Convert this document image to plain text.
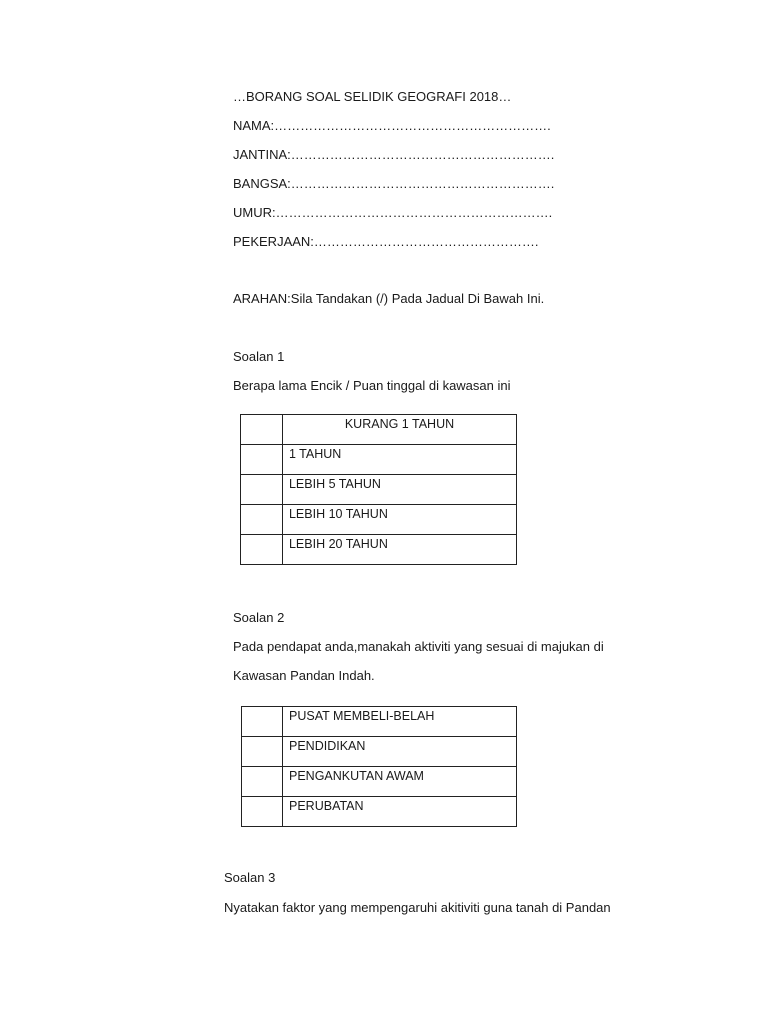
…BORANG SOAL SELIDIK GEOGRAFI 2018…
NAMA:……………………………………………………….
JANTINA:…………………………………………………….
BANGSA:…………………………………………………….
UMUR:……………………………………………………….
PEKERJAAN:…………………………………………….
ARAHAN:Sila Tandakan (/) Pada Jadual Di Bawah Ini.
Soalan 1
Berapa lama Encik / Puan tinggal di kawasan ini
	KURANG 1 TAHUN
	1 TAHUN
	LEBIH 5 TAHUN
	LEBIH 10 TAHUN
	LEBIH 20 TAHUN
Soalan 2
Pada pendapat anda,manakah aktiviti yang sesuai di majukan di
Kawasan Pandan Indah.
	PUSAT MEMBELI-BELAH
	PENDIDIKAN
	PENGANKUTAN AWAM
	PERUBATAN
Soalan 3
Nyatakan faktor yang mempengaruhi akitiviti guna tanah di Pandan
